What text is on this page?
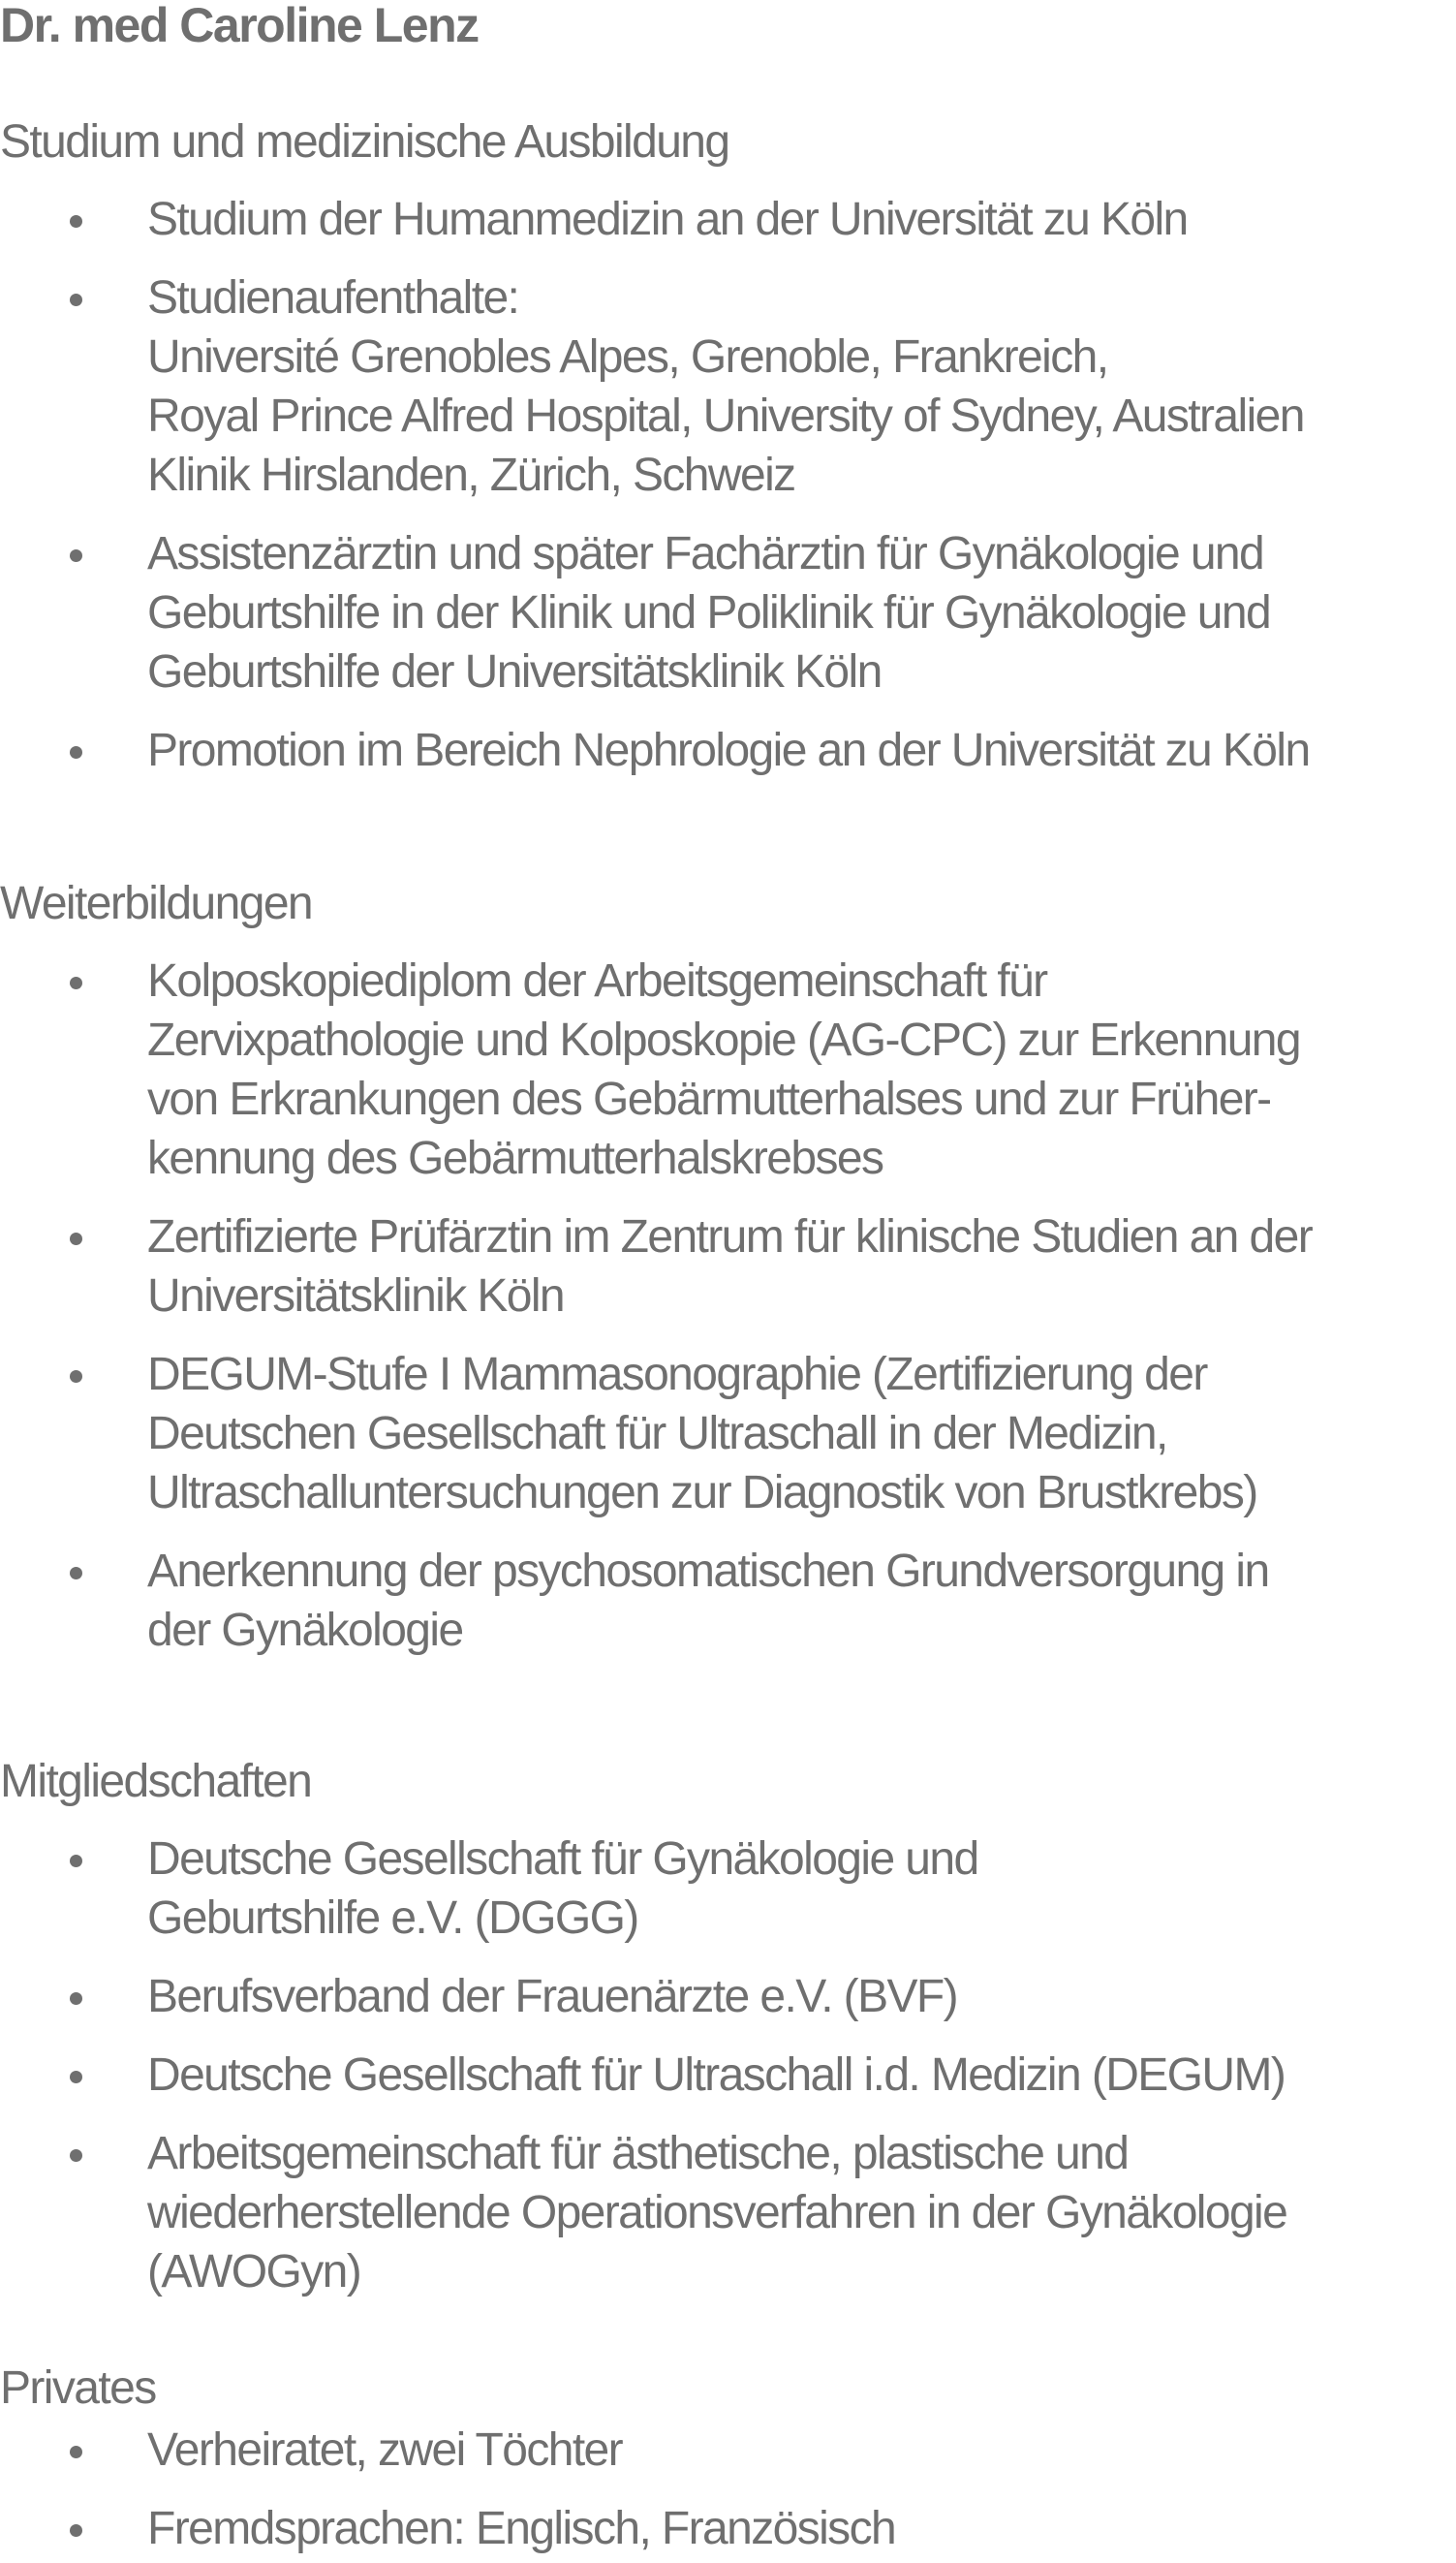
Dr. med Caroline Lenz
Studium und medizinische Ausbildung
Studium der Humanmedizin an der Universität zu Köln
Studienaufenthalte:
Université Grenobles Alpes, Grenoble, Frankreich,
Royal Prince Alfred Hospital, University of Sydney, Australien
Klinik Hirslanden, Zürich, Schweiz
Assistenzärztin und später Fachärztin für Gynäkologie und
Geburtshilfe in der Klinik und Poliklinik für Gynäkologie und
Geburtshilfe der Universitätsklinik Köln
Promotion im Bereich Nephrologie an der Universität zu Köln
Weiterbildungen
Kolposkopiediplom der Arbeitsgemeinschaft für
Zervixpathologie und Kolposkopie (AG-CPC) zur Erkennung
von Erkrankungen des Gebärmutterhalses und zur Früher-
kennung des Gebärmutterhalskrebses
Zertifizierte Prüfärztin im Zentrum für klinische Studien an der
Universitätsklinik Köln
DEGUM-Stufe I Mammasonographie (Zertifizierung der
Deutschen Gesellschaft für Ultraschall in der Medizin,
Ultraschalluntersuchungen zur Diagnostik von Brustkrebs)
Anerkennung der psychosomatischen Grundversorgung in
der Gynäkologie
Mitgliedschaften
Deutsche Gesellschaft für Gynäkologie und
Geburtshilfe e.V. (DGGG)
Berufsverband der Frauenärzte e.V. (BVF)
Deutsche Gesellschaft für Ultraschall i.d. Medizin (DEGUM)
Arbeitsgemeinschaft für ästhetische, plastische und
wiederherstellende Operationsverfahren in der Gynäkologie
(AWOGyn)
Privates
Verheiratet, zwei Töchter
Fremdsprachen: Englisch, Französisch
